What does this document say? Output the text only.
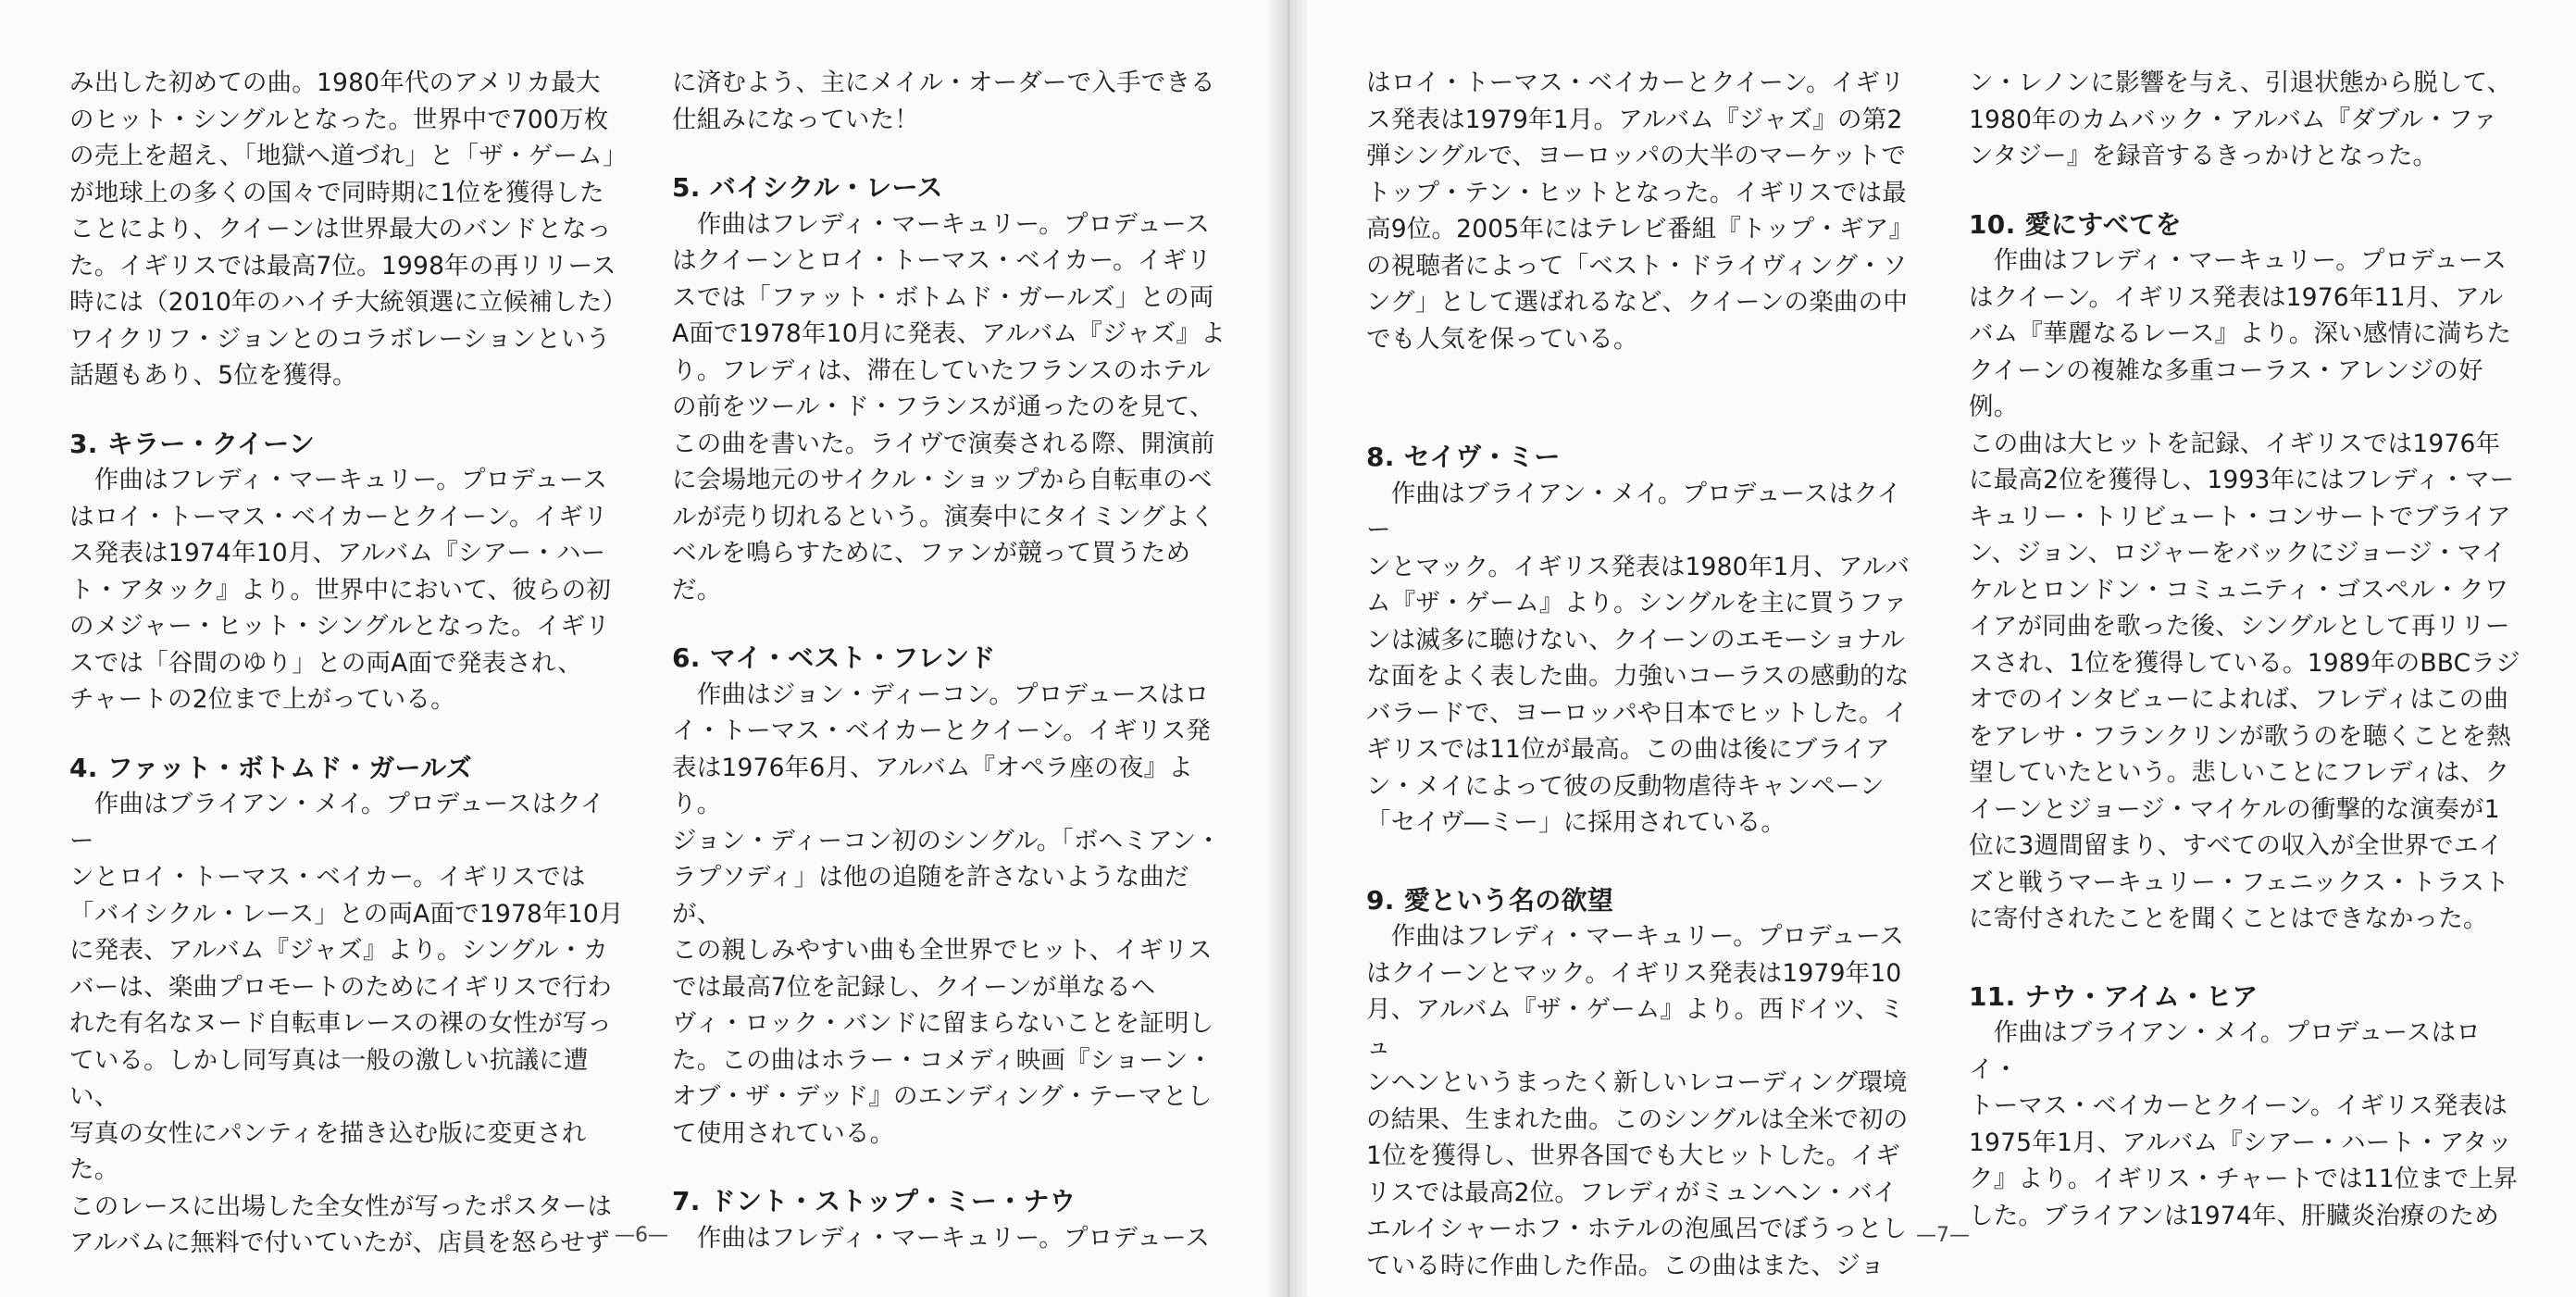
み出した初めての曲。1980年代のアメリカ最大

のヒット・シングルとなった。世界中で700万枚

の売上を超え、「地獄へ道づれ」と「ザ・ゲーム」

が地球上の多くの国々で同時期に1位を獲得した

ことにより、クイーンは世界最大のバンドとなっ

た。イギリスでは最高7位。1998年の再リリース

時には（2010年のハイチ大統領選に立候補した）

ワイクリフ・ジョンとのコラボレーションという

話題もあり、5位を獲得。

3. キラー・クイーン

　作曲はフレディ・マーキュリー。プロデュース

はロイ・トーマス・ベイカーとクイーン。イギリ

ス発表は1974年10月、アルバム『シアー・ハー

ト・アタック』より。世界中において、彼らの初

のメジャー・ヒット・シングルとなった。イギリ

スでは「谷間のゆり」との両A面で発表され、

チャートの2位まで上がっている。

4. ファット・ボトムド・ガールズ

　作曲はブライアン・メイ。プロデュースはクイー

ンとロイ・トーマス・ベイカー。イギリスでは

「バイシクル・レース」との両A面で1978年10月

に発表、アルバム『ジャズ』より。シングル・カ

バーは、楽曲プロモートのためにイギリスで行わ

れた有名なヌード自転車レースの裸の女性が写っ

ている。しかし同写真は一般の激しい抗議に遭い、

写真の女性にパンティを描き込む版に変更された。

このレースに出場した全女性が写ったポスターは

アルバムに無料で付いていたが、店員を怒らせず

に済むよう、主にメイル・オーダーで入手できる

仕組みになっていた！

5. バイシクル・レース

　作曲はフレディ・マーキュリー。プロデュース

はクイーンとロイ・トーマス・ベイカー。イギリ

スでは「ファット・ボトムド・ガールズ」との両

A面で1978年10月に発表、アルバム『ジャズ』よ

り。フレディは、滞在していたフランスのホテル

の前をツール・ド・フランスが通ったのを見て、

この曲を書いた。ライヴで演奏される際、開演前

に会場地元のサイクル・ショップから自転車のベ

ルが売り切れるという。演奏中にタイミングよく

ベルを鳴らすために、ファンが競って買うためだ。

6. マイ・ベスト・フレンド

　作曲はジョン・ディーコン。プロデュースはロ

イ・トーマス・ベイカーとクイーン。イギリス発

表は1976年6月、アルバム『オペラ座の夜』より。

ジョン・ディーコン初のシングル。「ボヘミアン・

ラプソディ」は他の追随を許さないような曲だが、

この親しみやすい曲も全世界でヒット、イギリス

では最高7位を記録し、クイーンが単なるヘ

ヴィ・ロック・バンドに留まらないことを証明し

た。この曲はホラー・コメディ映画『ショーン・

オブ・ザ・デッド』のエンディング・テーマとし

て使用されている。

7. ドント・ストップ・ミー・ナウ

　作曲はフレディ・マーキュリー。プロデュース

—6—

はロイ・トーマス・ベイカーとクイーン。イギリ

ス発表は1979年1月。アルバム『ジャズ』の第2

弾シングルで、ヨーロッパの大半のマーケットで

トップ・テン・ヒットとなった。イギリスでは最

高9位。2005年にはテレビ番組『トップ・ギア』

の視聴者によって「ベスト・ドライヴィング・ソ

ング」として選ばれるなど、クイーンの楽曲の中

でも人気を保っている。

8. セイヴ・ミー

　作曲はブライアン・メイ。プロデュースはクイー

ンとマック。イギリス発表は1980年1月、アルバ

ム『ザ・ゲーム』より。シングルを主に買うファ

ンは滅多に聴けない、クイーンのエモーショナル

な面をよく表した曲。力強いコーラスの感動的な

バラードで、ヨーロッパや日本でヒットした。イ

ギリスでは11位が最高。この曲は後にブライア

ン・メイによって彼の反動物虐待キャンペーン

「セイヴ―ミー」に採用されている。

9. 愛という名の欲望

　作曲はフレディ・マーキュリー。プロデュース

はクイーンとマック。イギリス発表は1979年10

月、アルバム『ザ・ゲーム』より。西ドイツ、ミュ

ンヘンというまったく新しいレコーディング環境

の結果、生まれた曲。このシングルは全米で初の

1位を獲得し、世界各国でも大ヒットした。イギ

リスでは最高2位。フレディがミュンヘン・バイ

エルイシャーホフ・ホテルの泡風呂でぼうっとし

ている時に作曲した作品。この曲はまた、ジョ

ン・レノンに影響を与え、引退状態から脱して、

1980年のカムバック・アルバム『ダブル・ファ

ンタジー』を録音するきっかけとなった。

10. 愛にすべてを

　作曲はフレディ・マーキュリー。プロデュース

はクイーン。イギリス発表は1976年11月、アル

バム『華麗なるレース』より。深い感情に満ちた

クイーンの複雑な多重コーラス・アレンジの好例。

この曲は大ヒットを記録、イギリスでは1976年

に最高2位を獲得し、1993年にはフレディ・マー

キュリー・トリビュート・コンサートでブライア

ン、ジョン、ロジャーをバックにジョージ・マイ

ケルとロンドン・コミュニティ・ゴスペル・クワ

イアが同曲を歌った後、シングルとして再リリー

スされ、1位を獲得している。1989年のBBCラジ

オでのインタビューによれば、フレディはこの曲

をアレサ・フランクリンが歌うのを聴くことを熱

望していたという。悲しいことにフレディは、ク

イーンとジョージ・マイケルの衝撃的な演奏が1

位に3週間留まり、すべての収入が全世界でエイ

ズと戦うマーキュリー・フェニックス・トラスト

に寄付されたことを聞くことはできなかった。

11. ナウ・アイム・ヒア

　作曲はブライアン・メイ。プロデュースはロイ・

トーマス・ベイカーとクイーン。イギリス発表は

1975年1月、アルバム『シアー・ハート・アタッ

ク』より。イギリス・チャートでは11位まで上昇

した。ブライアンは1974年、肝臓炎治療のため

—7—
